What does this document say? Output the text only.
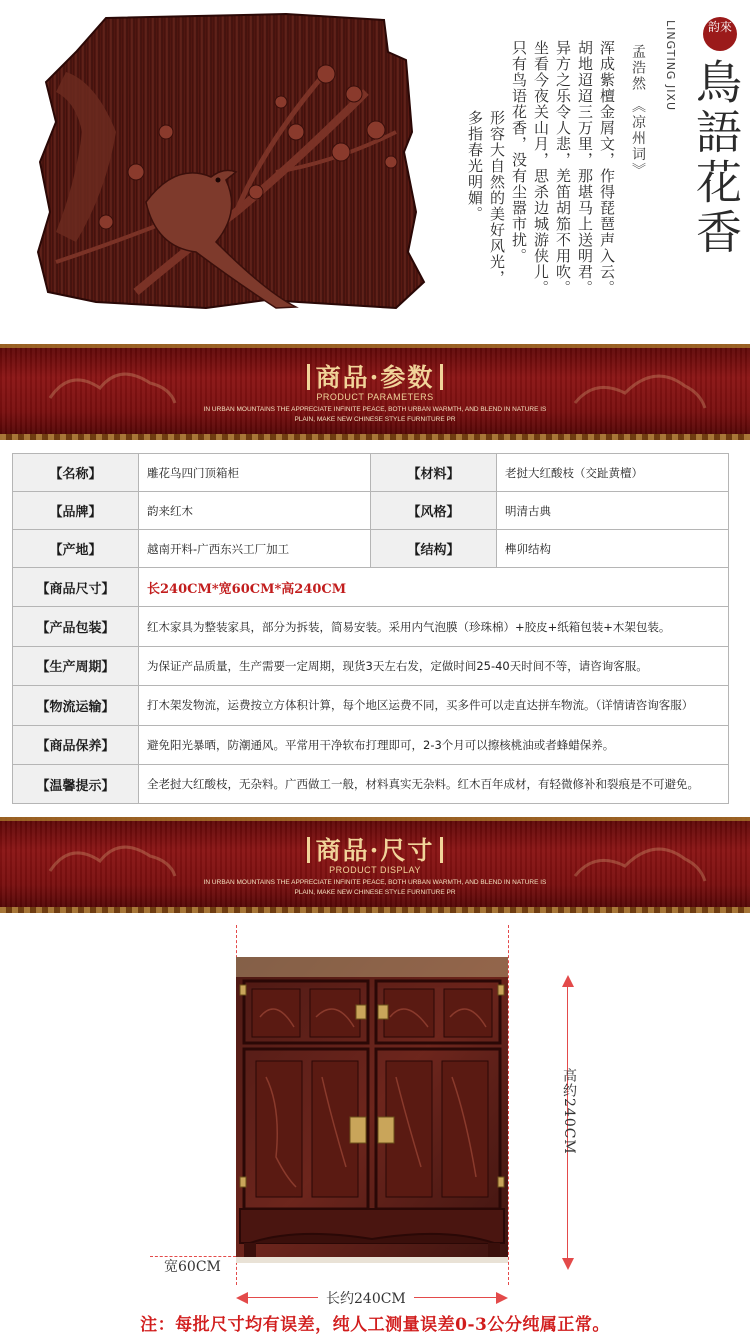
浑成紫檀金屑文，作得琵琶声入云。
胡地迢迢三万里，那堪马上送明君。
异方之乐令人悲，羌笛胡笳不用吹。
坐看今夜关山月，思杀边城游侠儿。
只有鸟语花香，没有尘嚣市扰。
形容大自然的美好风光，
多指春光明媚。	孟浩然 《凉州词》 LINGTING JIXU	韵來
鳥語花香
商品·参数
PRODUCT PARAMETERS
IN URBAN MOUNTAINS THE APPRECIATE INFINITE PEACE, BOTH URBAN WARMTH, AND BLEND IN NATURE IS
PLAIN, MAKE NEW CHINESE STYLE FURNITURE PR
【名称】	雕花鸟四门顶箱柜	【材料】	老挝大红酸枝（交趾黄檀）
【品牌】	韵来红木	【风格】	明清古典
【产地】	越南开料-广西东兴工厂加工	【结构】	榫卯结构
【商品尺寸】	长240CM*宽60CM*高240CM		
【产品包装】	红木家具为整装家具，部分为拆装，简易安装。采用内气泡膜（珍珠棉）+胶皮+纸箱包装+木架包装。		
【生产周期】	为保证产品质量，生产需要一定周期，现货3天左右发，定做时间25-40天时间不等，请咨询客服。		
【物流运输】	打木架发物流，运费按立方体积计算，每个地区运费不同，买多件可以走直达拼车物流。（详情请咨询客服）		
【商品保养】	避免阳光暴晒，防潮通风。平常用干净软布打理即可，2-3个月可以擦核桃油或者蜂蜡保养。		
【温馨提示】	全老挝大红酸枝，无杂料。广西做工一般，材料真实无杂料。红木百年成材，有轻微修补和裂痕是不可避免。		
商品·尺寸
PRODUCT DISPLAY
IN URBAN MOUNTAINS THE APPRECIATE INFINITE PEACE, BOTH URBAN WARMTH, AND BLEND IN NATURE IS
PLAIN, MAKE NEW CHINESE STYLE FURNITURE PR
高约240CM
宽60CM
长约240CM
注：每批尺寸均有误差，纯人工测量误差0-3公分纯属正常。
